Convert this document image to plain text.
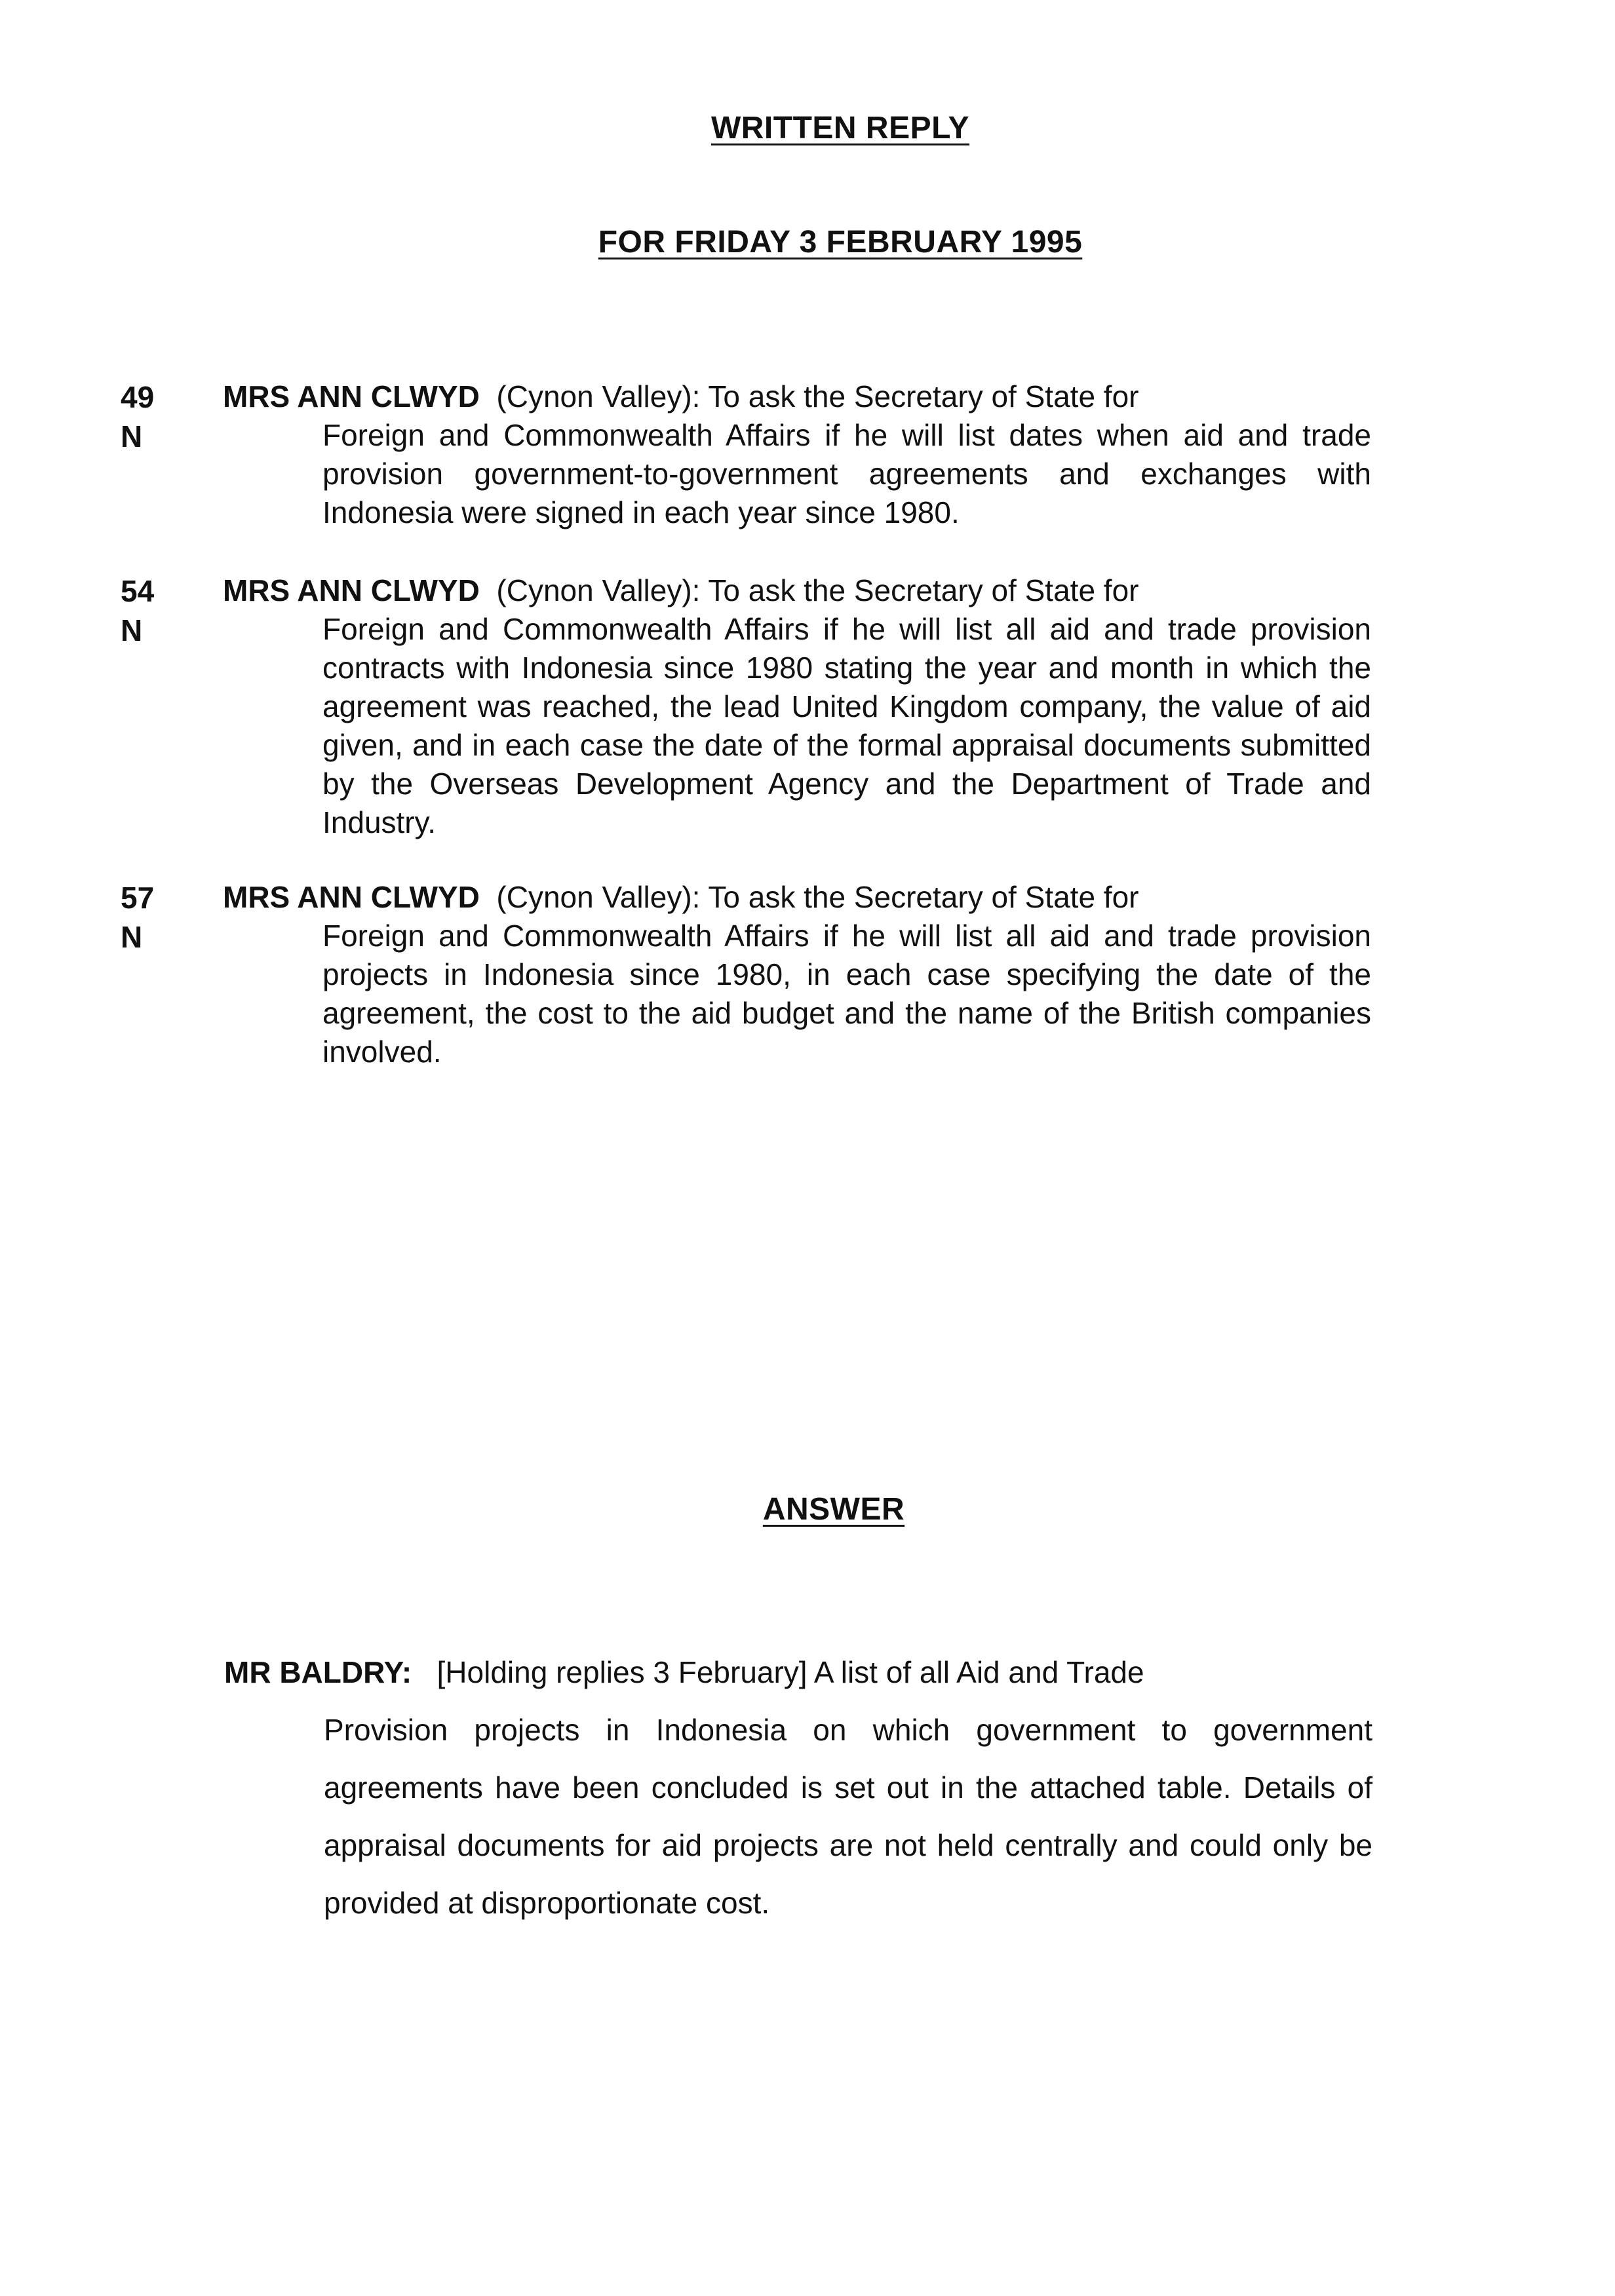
WRITTEN REPLY
FOR FRIDAY 3 FEBRUARY 1995
49
N
MRS ANN CLWYD (Cynon Valley): To ask the Secretary of State for
Foreign and Commonwealth Affairs if he will list dates when aid and trade provision government-to-government agreements and exchanges with Indonesia were signed in each year since 1980.
54
N
MRS ANN CLWYD (Cynon Valley): To ask the Secretary of State for
Foreign and Commonwealth Affairs if he will list all aid and trade provision contracts with Indonesia since 1980 stating the year and month in which the agreement was reached, the lead United Kingdom company, the value of aid given, and in each case the date of the formal appraisal documents submitted by the Overseas Development Agency and the Department of Trade and Industry.
57
N
MRS ANN CLWYD (Cynon Valley): To ask the Secretary of State for
Foreign and Commonwealth Affairs if he will list all aid and trade provision projects in Indonesia since 1980, in each case specifying the date of the agreement, the cost to the aid budget and the name of the British companies involved.
ANSWER
MR BALDRY: [Holding replies 3 February] A list of all Aid and Trade
Provision projects in Indonesia on which government to government agreements have been concluded is set out in the attached table. Details of appraisal documents for aid projects are not held centrally and could only be provided at disproportionate cost.
